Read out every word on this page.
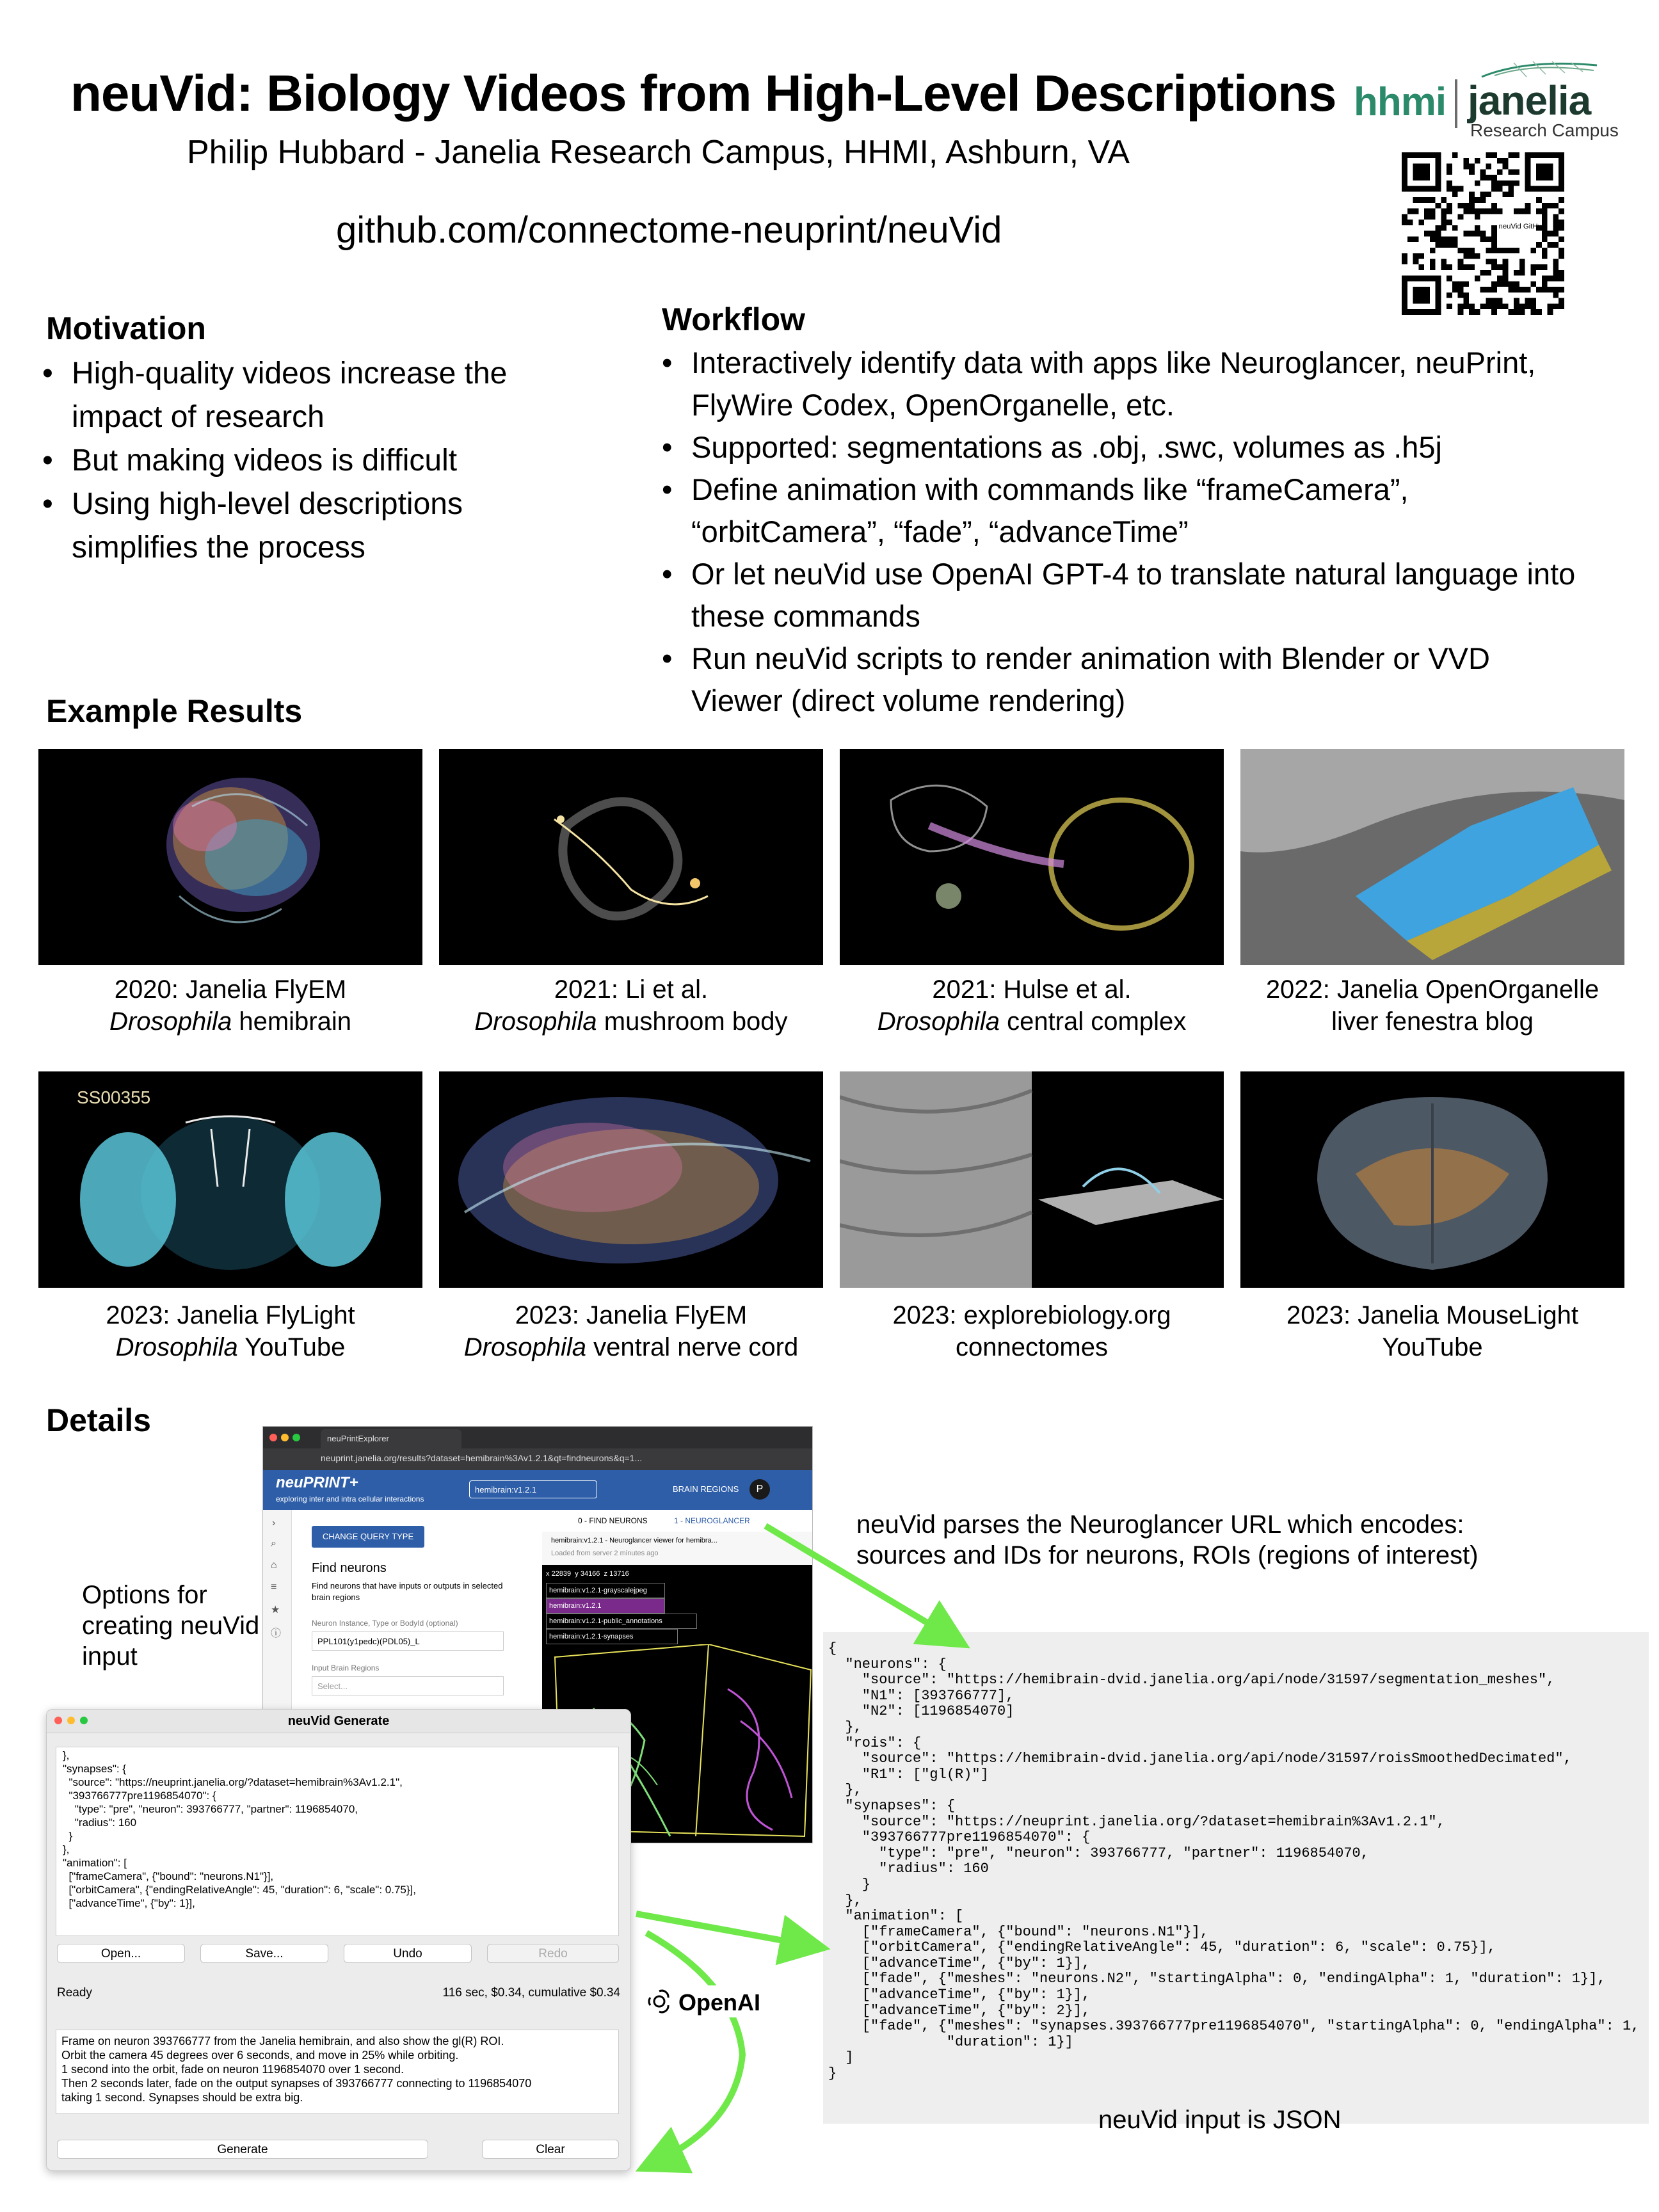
neuVid: Biology Videos from High-Level Descriptions
Philip Hubbard - Janelia Research Campus, HHMI, Ashburn, VA
github.com/connectome-neuprint/neuVid
hhmi janelia
Research Campus
neuVid GitHub
Motivation
• High-quality videos increase the impact of research
• But making videos is difficult
• Using high-level descriptions simplifies the process
Workflow
• Interactively identify data with apps like Neuroglancer, neuPrint, FlyWire Codex, OpenOrganelle, etc.
• Supported: segmentations as .obj, .swc, volumes as .h5j
• Define animation with commands like “frameCamera”, “orbitCamera”, “fade”, “advanceTime”
• Or let neuVid use OpenAI GPT-4 to translate natural language into these commands
• Run neuVid scripts to render animation with Blender or VVD Viewer (direct volume rendering)
Example Results
2020: Janelia FlyEM
Drosophila hemibrain
2021: Li et al.
Drosophila mushroom body
2021: Hulse et al.
Drosophila central complex
2022: Janelia OpenOrganelle
liver fenestra blog
SS00355
2023: Janelia FlyLight
Drosophila YouTube
2023: Janelia FlyEM
Drosophila ventral nerve cord
2023: explorebiology.org
connectomes
2023: Janelia MouseLight
YouTube
Details
Options for creating neuVid input
neuVid parses the Neuroglancer URL which encodes: sources and IDs for neurons, ROIs (regions of interest)
neuPrintExplorer
neuprint.janelia.org/results?dataset=hemibrain%3Av1.2.1&qt=findneurons&q=1...
neuPRINT+
exploring inter and intra cellular interactions
hemibrain:v1.2.1	BRAIN REGIONS	P
›
⌕
⌂
≡
★
ⓘ
CHANGE QUERY TYPE
Find neurons
Find neurons that have inputs or outputs in selected brain regions
Neuron Instance, Type or BodyId (optional)
PPL101(y1pedc)(PDL05)_L
Input Brain Regions
Select...
0 - FIND NEURONS	1 - NEUROGLANCER
hemibrain:v1.2.1 - Neuroglancer viewer for hemibra...
Loaded from server 2 minutes ago
x 22839  y 34166  z 13716
hemibrain:v1.2.1-grayscalejpeg
hemibrain:v1.2.1
hemibrain:v1.2.1-public_annotations
hemibrain:v1.2.1-synapses
neuVid Generate
},
"synapses": {
"source": "https://neuprint.janelia.org/?dataset=hemibrain%3Av1.2.1",
"393766777pre1196854070": {
"type": "pre", "neuron": 393766777, "partner": 1196854070,
"radius": 160
}
},
"animation": [
["frameCamera", {"bound": "neurons.N1"}],
["orbitCamera", {"endingRelativeAngle": 45, "duration": 6, "scale": 0.75}],
["advanceTime", {"by": 1}],
Open...	Save...	Undo	Redo
Ready	116 sec, $0.34, cumulative $0.34
Frame on neuron 393766777 from the Janelia hemibrain, and also show the gl(R) ROI.
Orbit the camera 45 degrees over 6 seconds, and move in 25% while orbiting.
1 second into the orbit, fade on neuron 1196854070 over 1 second.
Then 2 seconds later, fade on the output synapses of 393766777 connecting to 1196854070
taking 1 second. Synapses should be extra big.
Generate	Clear
{
"neurons": {
"source": "https://hemibrain-dvid.janelia.org/api/node/31597/segmentation_meshes",
"N1": [393766777],
"N2": [1196854070]
},
"rois": {
"source": "https://hemibrain-dvid.janelia.org/api/node/31597/roisSmoothedDecimated",
"R1": ["gl(R)"]
},
"synapses": {
"source": "https://neuprint.janelia.org/?dataset=hemibrain%3Av1.2.1",
"393766777pre1196854070": {
"type": "pre", "neuron": 393766777, "partner": 1196854070,
"radius": 160
}
},
"animation": [
["frameCamera", {"bound": "neurons.N1"}],
["orbitCamera", {"endingRelativeAngle": 45, "duration": 6, "scale": 0.75}],
["advanceTime", {"by": 1}],
["fade", {"meshes": "neurons.N2", "startingAlpha": 0, "endingAlpha": 1, "duration": 1}],
["advanceTime", {"by": 1}],
["advanceTime", {"by": 2}],
["fade", {"meshes": "synapses.393766777pre1196854070", "startingAlpha": 0, "endingAlpha": 1,
"duration": 1}]
]
}
neuVid input is JSON
OpenAI
